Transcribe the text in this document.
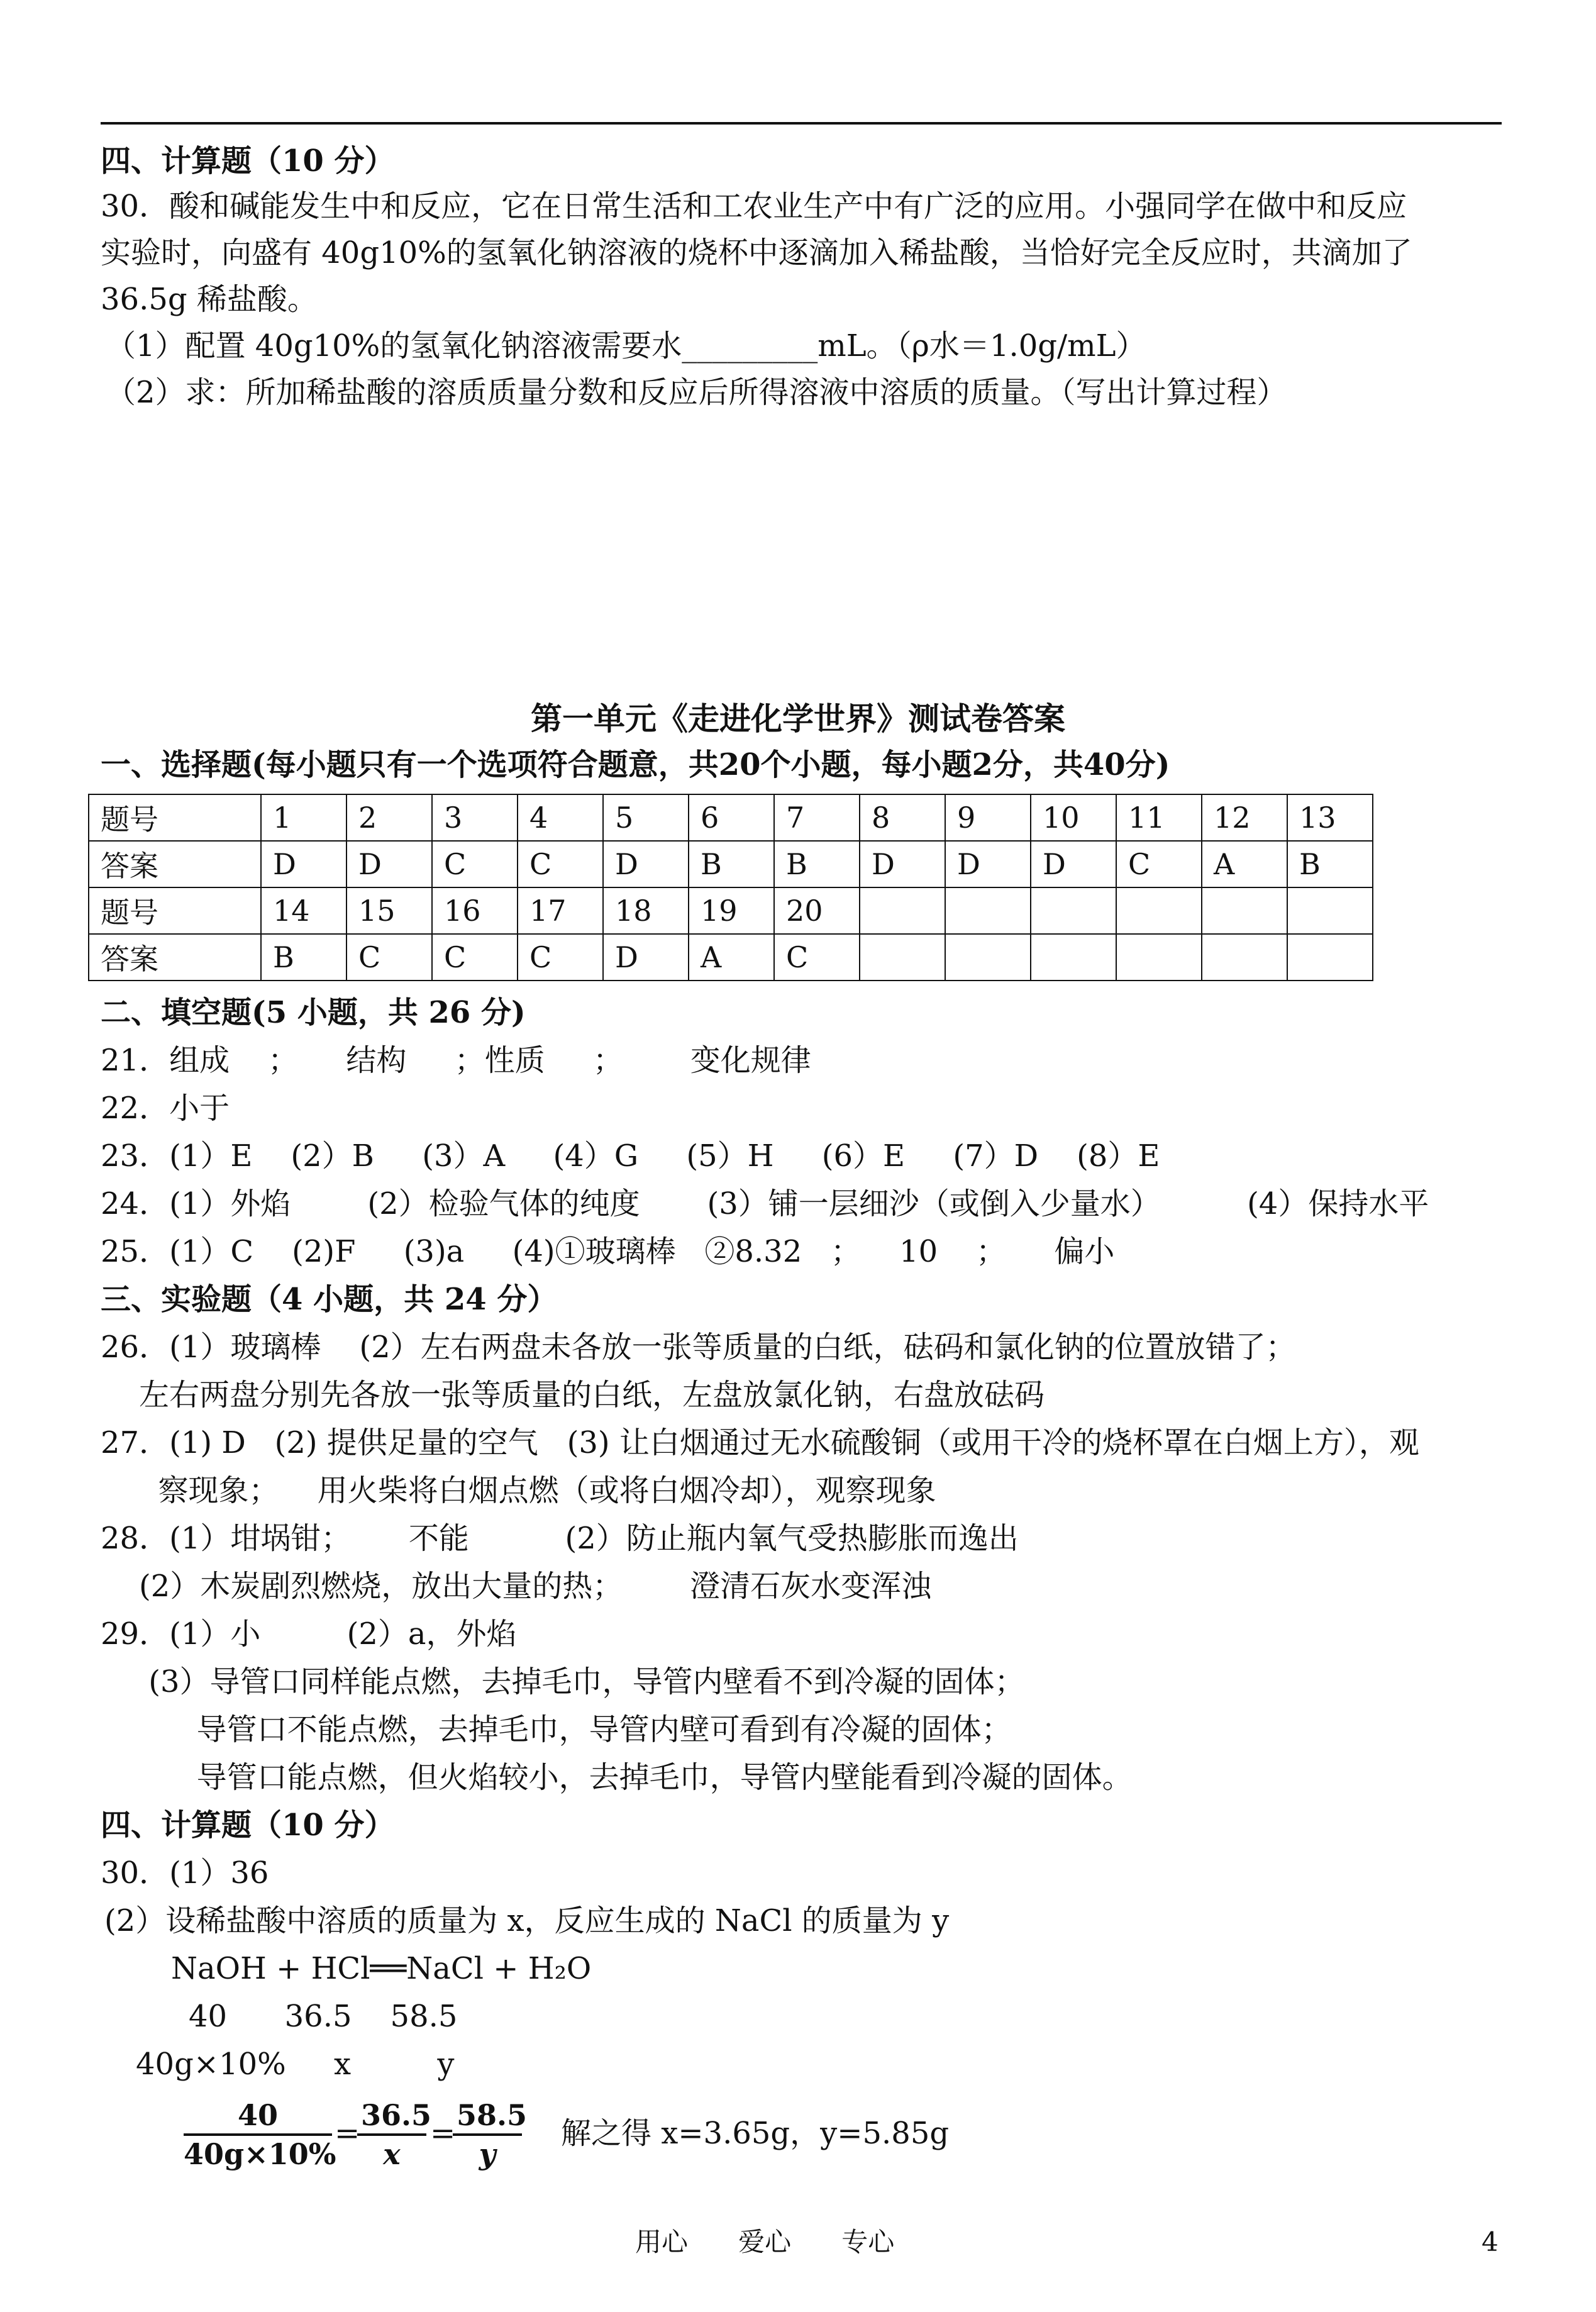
四、计算题（10 分）
30．酸和碱能发生中和反应，它在日常生活和工农业生产中有广泛的应用。小强同学在做中和反应
实验时，向盛有 40g10%的氢氧化钠溶液的烧杯中逐滴加入稀盐酸，当恰好完全反应时，共滴加了
36.5g 稀盐酸。
（1）配置 40g10%的氢氧化钠溶液需要水_________mL。（ρ水＝1.0g/mL）
（2）求：所加稀盐酸的溶质质量分数和反应后所得溶液中溶质的质量。（写出计算过程）
第一单元《走进化学世界》测试卷答案
一、选择题(每小题只有一个选项符合题意，共20个小题，每小题2分，共40分)
题号	1	2	3	4	5	6	7	8	9	10	11	12	13
答案	D	D	C	C	D	B	B	D	D	D	C	A	B
题号	14	15	16	17	18	19	20						
答案	B	C	C	C	D	A	C						
二、填空题(5 小题，共 26 分)
21．组成    ；     结构     ；性质     ；       变化规律
22．小于
23．(1）E    (2）B     (3）A     (4）G     (5）H     (6）E     (7）D    (8）E
24．(1）外焰        (2）检验气体的纯度       (3）铺一层细沙（或倒入少量水）         (4）保持水平
25．(1）C    (2)F     (3)a     (4)①玻璃棒   ②8.32   ；    10    ；     偏小
三、实验题（4 小题，共 24 分）
26．(1）玻璃棒    (2）左右两盘未各放一张等质量的白纸，砝码和氯化钠的位置放错了；
左右两盘分别先各放一张等质量的白纸，左盘放氯化钠，右盘放砝码
27．(1) D   (2) 提供足量的空气   (3) 让白烟通过无水硫酸铜（或用干冷的烧杯罩在白烟上方），观
察现象；    用火柴将白烟点燃（或将白烟冷却），观察现象
28．(1）坩埚钳；      不能          (2）防止瓶内氧气受热膨胀而逸出
(2）木炭剧烈燃烧，放出大量的热；       澄清石灰水变浑浊
29．(1）小         (2）a，外焰
(3）导管口同样能点燃，去掉毛巾，导管内壁看不到冷凝的固体；
导管口不能点燃，去掉毛巾，导管内壁可看到有冷凝的固体；
导管口能点燃，但火焰较小，去掉毛巾，导管内壁能看到冷凝的固体。
四、计算题（10 分）
30．(1）36
(2）设稀盐酸中溶质的质量为 x，反应生成的 NaCl 的质量为 y
NaOH + HCl══NaCl + H₂O
40      36.5    58.5
40g×10%     x         y
$\frac{40}{40g\times 10\%}$ =
$\frac{36.5}{x}$ =
$\frac{58.5}{y}$ 解之得 x=3.65g，y=5.85g
用心      爱心      专心	4
